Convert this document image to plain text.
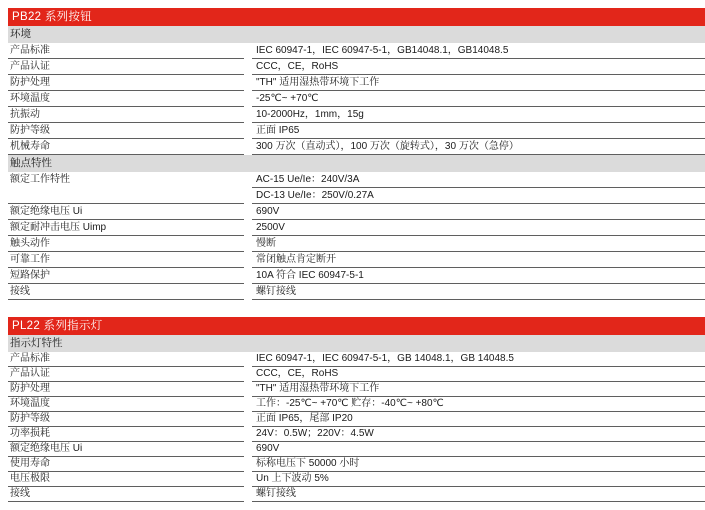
PB22 系列按钮
环境
产品标准	IEC 60947-1，IEC 60947-5-1，GB14048.1，GB14048.5
产品认证	CCC，CE，RoHS
防护处理	"TH" 适用湿热带环境下工作
环境温度	-25℃~ +70℃
抗振动	10-2000Hz，1mm，15g
防护等级	正面 IP65
机械寿命	300 万次（直动式），100 万次（旋转式），30 万次（急停）
触点特性
额定工作特性	AC-15 Ue/Ie：240V/3A
DC-13 Ue/Ie：250V/0.27A
额定绝缘电压 Ui	690V
额定耐冲击电压 Uimp	2500V
触头动作	慢断
可靠工作	常闭触点肯定断开
短路保护	10A 符合 IEC 60947-5-1
接线	螺钉接线
PL22 系列指示灯
指示灯特性
产品标准	IEC 60947-1，IEC 60947-5-1，GB 14048.1，GB 14048.5
产品认证	CCC，CE，RoHS
防护处理	"TH" 适用湿热带环境下工作
环境温度	工作：-25℃~ +70℃ 贮存：-40℃~ +80℃
防护等级	正面 IP65，尾部 IP20
功率损耗	24V：0.5W；220V：4.5W
额定绝缘电压 Ui	690V
使用寿命	标称电压下 50000 小时
电压极限	Un 上下波动 5%
接线	螺钉接线
